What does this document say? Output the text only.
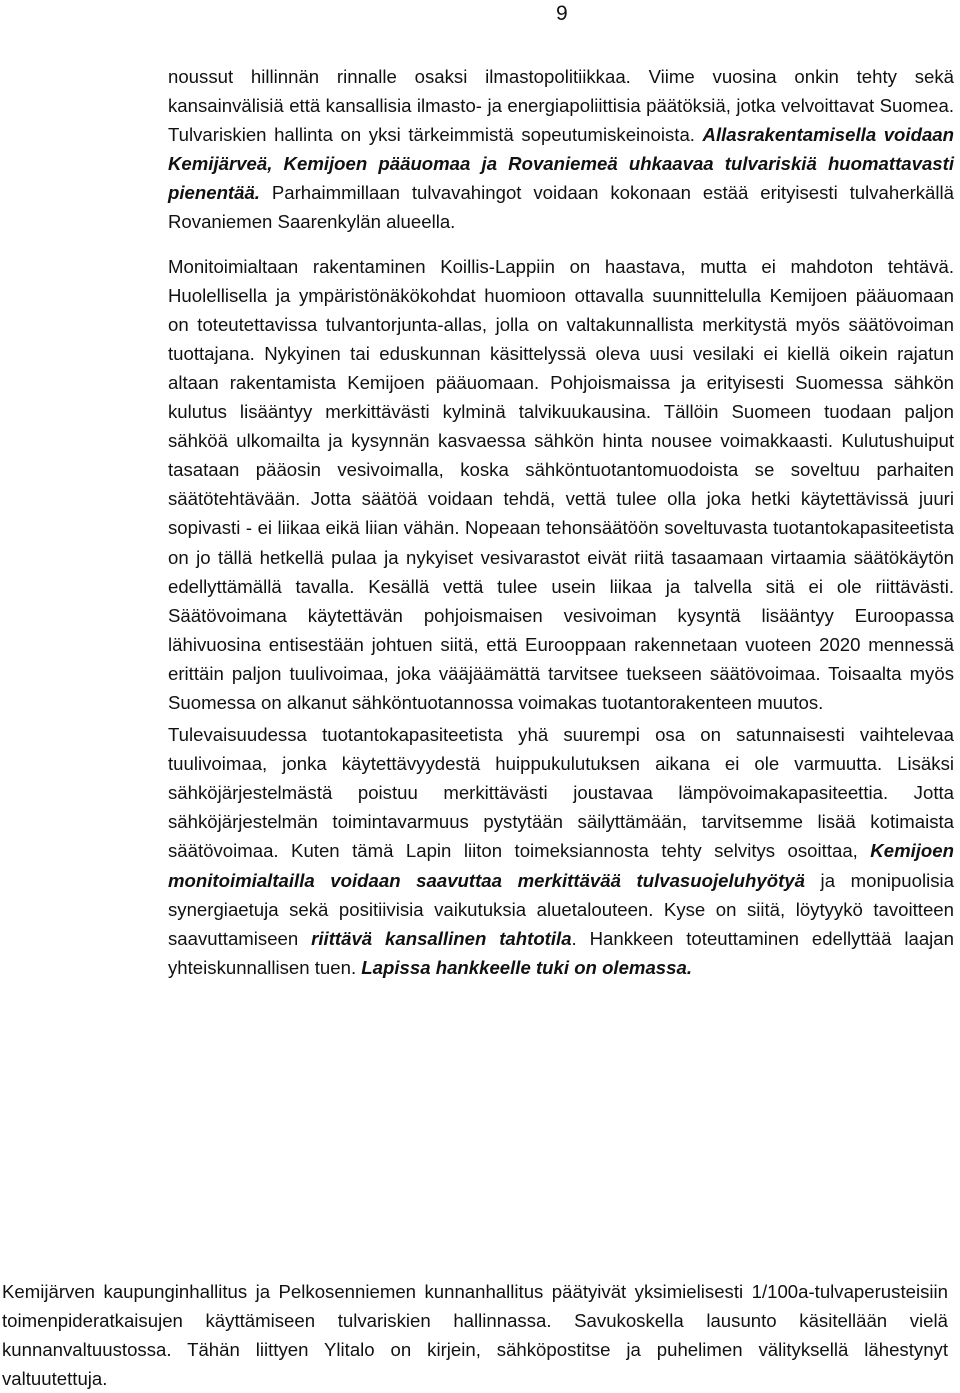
9

noussut hillinnän rinnalle osaksi ilmastopolitiikkaa. Viime vuosina onkin tehty sekä kansainvälisiä että kansallisia ilmasto- ja energiapoliittisia päätöksiä, jotka velvoittavat Suomea. Tulvariskien hallinta on yksi tärkeimmistä sopeutumiskeinoista. Allasrakentamisella voidaan Kemijärveä, Kemijoen pääuomaa ja Rovaniemeä uhkaavaa tulvariskiä huomattavasti pienentää. Parhaimmillaan tulvavahingot voidaan kokonaan estää erityisesti tulvaherkällä Rovaniemen Saarenkylän alueella.

Monitoimialtaan rakentaminen Koillis-Lappiin on haastava, mutta ei mahdoton tehtävä. Huolellisella ja ympäristönäkökohdat huomioon ottavalla suunnittelulla Kemijoen pääuomaan on toteutettavissa tulvantorjunta-allas, jolla on valtakunnallista merkitystä myös säätövoiman tuottajana. Nykyinen tai eduskunnan käsittelyssä oleva uusi vesilaki ei kiellä oikein rajatun altaan rakentamista Kemijoen pääuomaan. Pohjoismaissa ja erityisesti Suomessa sähkön kulutus lisääntyy merkittävästi kylminä talvikuukausina. Tällöin Suomeen tuodaan paljon sähköä ulkomailta ja kysynnän kasvaessa sähkön hinta nousee voimakkaasti. Kulutushuiput tasataan pääosin vesivoimalla, koska sähköntuotantomuodoista se soveltuu parhaiten säätötehtävään. Jotta säätöä voidaan tehdä, vettä tulee olla joka hetki käytettävissä juuri sopivasti - ei liikaa eikä liian vähän. Nopeaan tehonsäätöön soveltuvasta tuotantokapasiteetista on jo tällä hetkellä pulaa ja nykyiset vesivarastot eivät riitä tasaamaan virtaamia säätökäytön edellyttämällä tavalla. Kesällä vettä tulee usein liikaa ja talvella sitä ei ole riittävästi. Säätövoimana käytettävän pohjoismaisen vesivoiman kysyntä lisääntyy Euroopassa lähivuosina entisestään johtuen siitä, että Eurooppaan rakennetaan vuoteen 2020 mennessä erittäin paljon tuulivoimaa, joka vääjäämättä tarvitsee tuekseen säätövoimaa. Toisaalta myös Suomessa on alkanut sähköntuotannossa voimakas tuotantorakenteen muutos.

Tulevaisuudessa tuotantokapasiteetista yhä suurempi osa on satunnaisesti vaihtelevaa tuulivoimaa, jonka käytettävyydestä huippukulutuksen aikana ei ole varmuutta. Lisäksi sähköjärjestelmästä poistuu merkittävästi joustavaa lämpövoimakapasiteettia. Jotta sähköjärjestelmän toimintavarmuus pystytään säilyttämään, tarvitsemme lisää kotimaista säätövoimaa. Kuten tämä Lapin liiton toimeksiannosta tehty selvitys osoittaa, Kemijoen monitoimialtailla voidaan saavuttaa merkittävää tulvasuojeluhyötyä ja monipuolisia synergiaetuja sekä positiivisia vaikutuksia aluetalouteen. Kyse on siitä, löytyykö tavoitteen saavuttamiseen riittävä kansallinen tahtotila. Hankkeen toteuttaminen edellyttää laajan yhteiskunnallisen tuen. Lapissa hankkeelle tuki on olemassa.

Kemijärven kaupunginhallitus ja Pelkosenniemen kunnanhallitus päätyivät yksimielisesti 1/100a-tulvaperusteisiin toimenpideratkaisujen käyttämiseen tulvariskien hallinnassa. Savukoskella lausunto käsitellään vielä kunnanvaltuustossa. Tähän liittyen Ylitalo on kirjein, sähköpostitse ja puhelimen välityksellä lähestynyt valtuutettuja.
